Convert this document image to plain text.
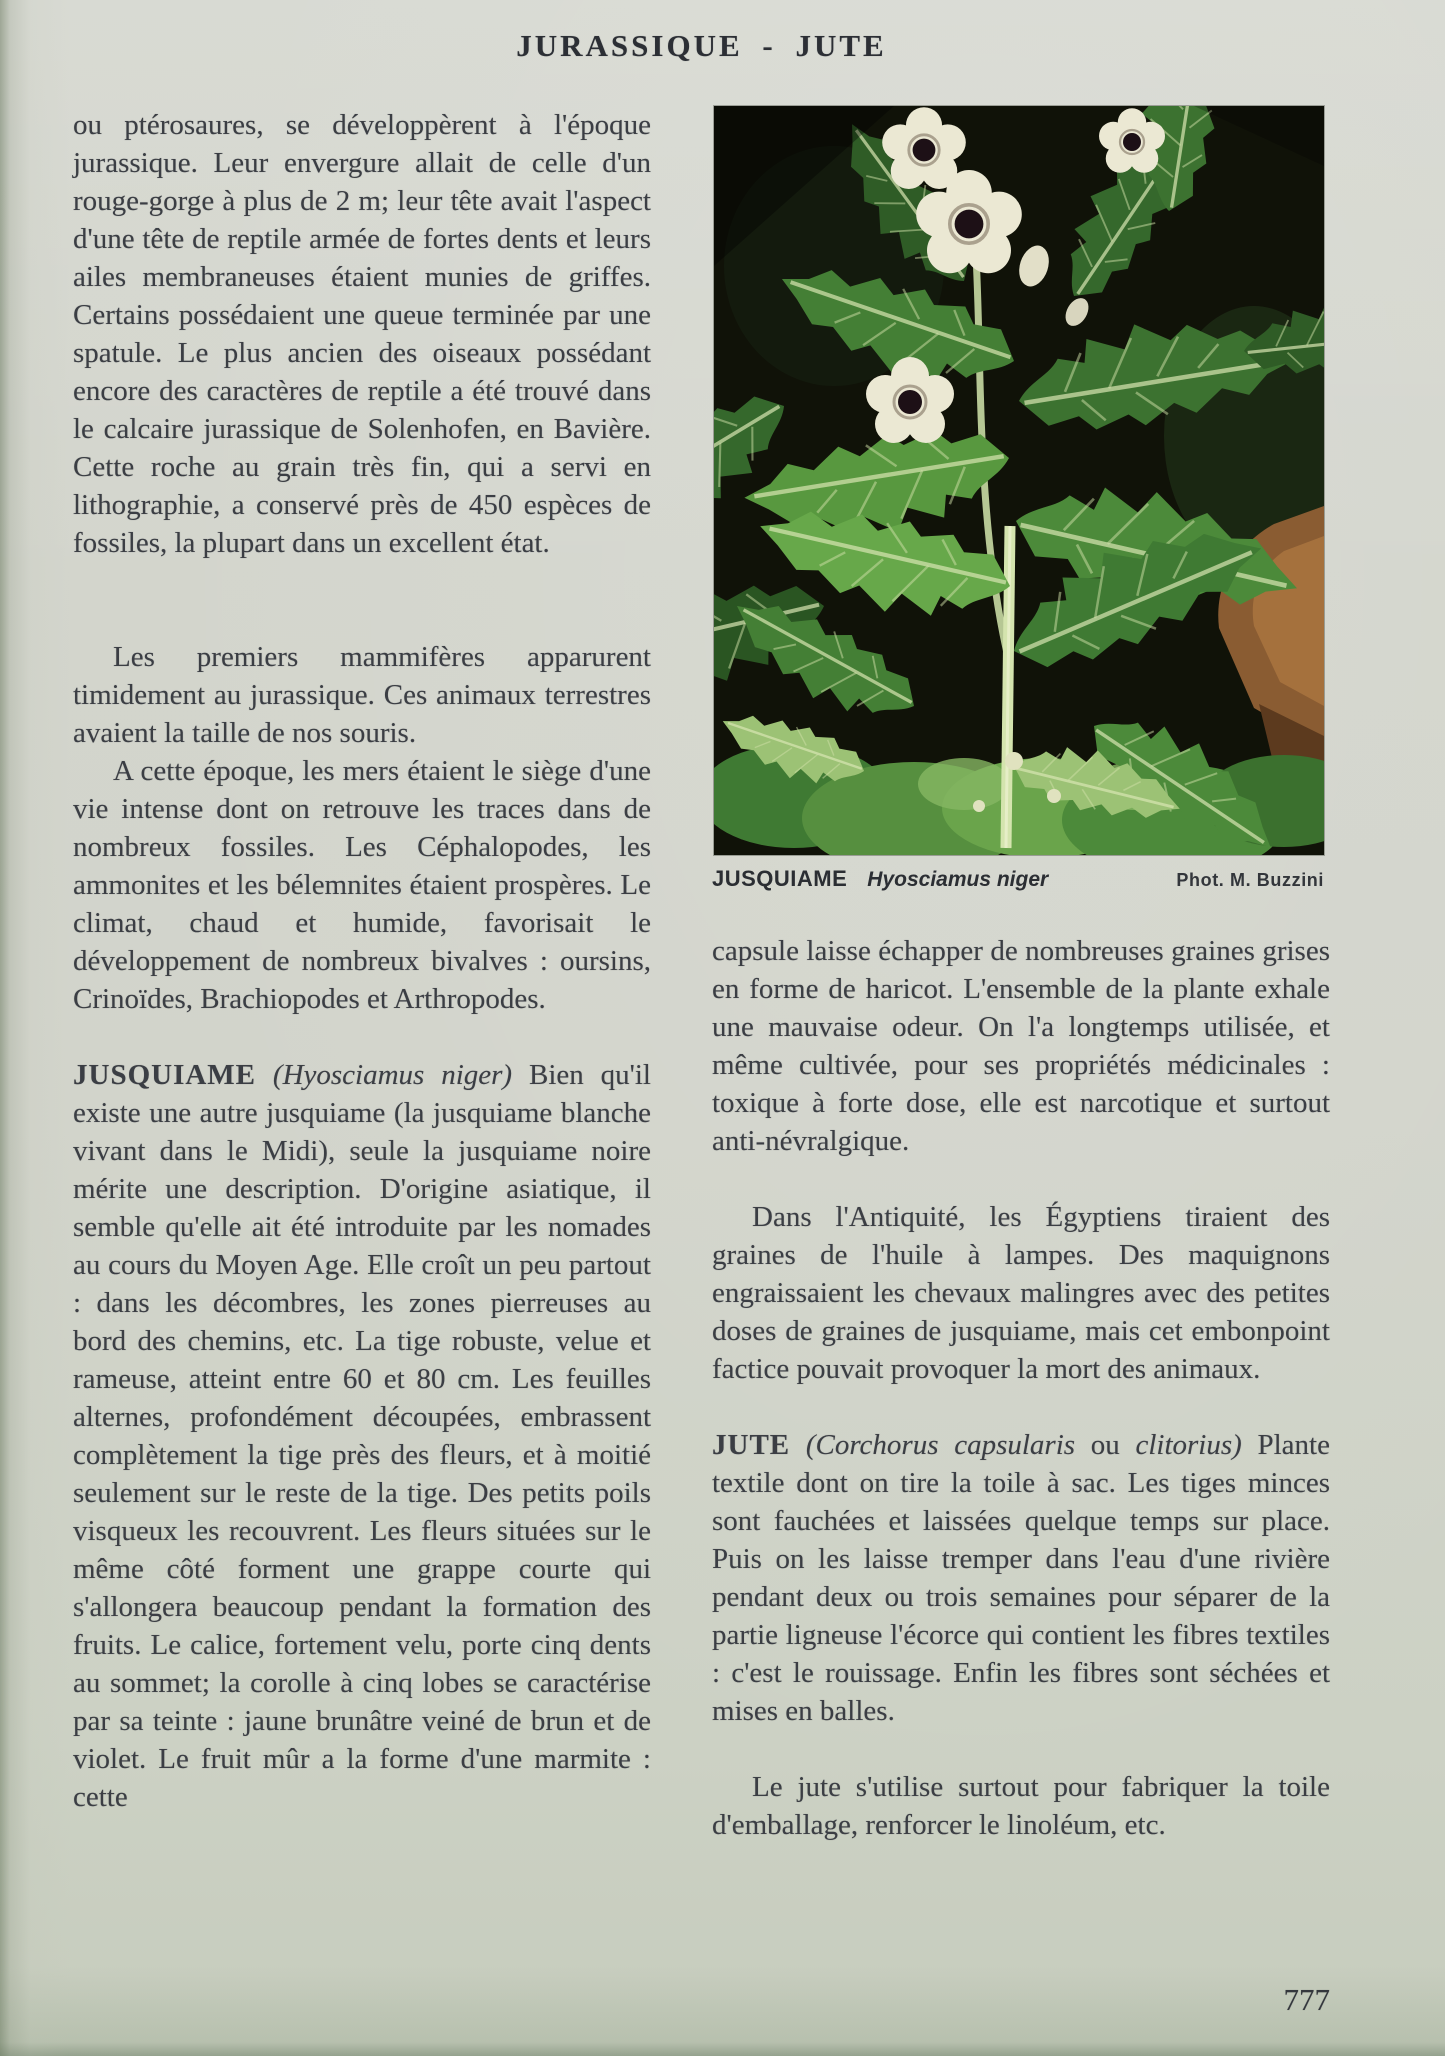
JURASSIQUE - JUTE

ou ptérosaures, se développèrent à l'époque jurassique. Leur envergure allait de celle d'un rouge-gorge à plus de 2 m; leur tête avait l'aspect d'une tête de reptile armée de fortes dents et leurs ailes membraneuses étaient munies de griffes. Certains possédaient une queue terminée par une spatule. Le plus ancien des oiseaux possédant encore des caractères de reptile a été trouvé dans le calcaire jurassique de Solenhofen, en Bavière. Cette roche au grain très fin, qui a servi en lithographie, a conservé près de 450 espèces de fossiles, la plupart dans un excellent état.

Les premiers mammifères apparurent timidement au jurassique. Ces animaux terrestres avaient la taille de nos souris.

A cette époque, les mers étaient le siège d'une vie intense dont on retrouve les traces dans de nombreux fossiles. Les Céphalopodes, les ammonites et les bélemnites étaient prospères. Le climat, chaud et humide, favorisait le développement de nombreux bivalves : oursins, Crinoïdes, Brachiopodes et Arthropodes.

JUSQUIAME (Hyosciamus niger) Bien qu'il existe une autre jusquiame (la jusquiame blanche vivant dans le Midi), seule la jusquiame noire mérite une description. D'origine asiatique, il semble qu'elle ait été introduite par les nomades au cours du Moyen Age. Elle croît un peu partout : dans les décombres, les zones pierreuses au bord des chemins, etc. La tige robuste, velue et rameuse, atteint entre 60 et 80 cm. Les feuilles alternes, profondément découpées, embrassent complètement la tige près des fleurs, et à moitié seulement sur le reste de la tige. Des petits poils visqueux les recouvrent. Les fleurs situées sur le même côté forment une grappe courte qui s'allongera beaucoup pendant la formation des fruits. Le calice, fortement velu, porte cinq dents au sommet; la corolle à cinq lobes se caractérise par sa teinte : jaune brunâtre veiné de brun et de violet. Le fruit mûr a la forme d'une marmite : cette

JUSQUIAME Hyosciamus niger	Phot. M. Buzzini

capsule laisse échapper de nombreuses graines grises en forme de haricot. L'ensemble de la plante exhale une mauvaise odeur. On l'a longtemps utilisée, et même cultivée, pour ses propriétés médicinales : toxique à forte dose, elle est narcotique et surtout anti-névralgique.

Dans l'Antiquité, les Égyptiens tiraient des graines de l'huile à lampes. Des maquignons engraissaient les chevaux malingres avec des petites doses de graines de jusquiame, mais cet embonpoint factice pouvait provoquer la mort des animaux.

JUTE (Corchorus capsularis ou clitorius) Plante textile dont on tire la toile à sac. Les tiges minces sont fauchées et laissées quelque temps sur place. Puis on les laisse tremper dans l'eau d'une rivière pendant deux ou trois semaines pour séparer de la partie ligneuse l'écorce qui contient les fibres textiles : c'est le rouissage. Enfin les fibres sont séchées et mises en balles.

Le jute s'utilise surtout pour fabriquer la toile d'emballage, renforcer le linoléum, etc.

777
